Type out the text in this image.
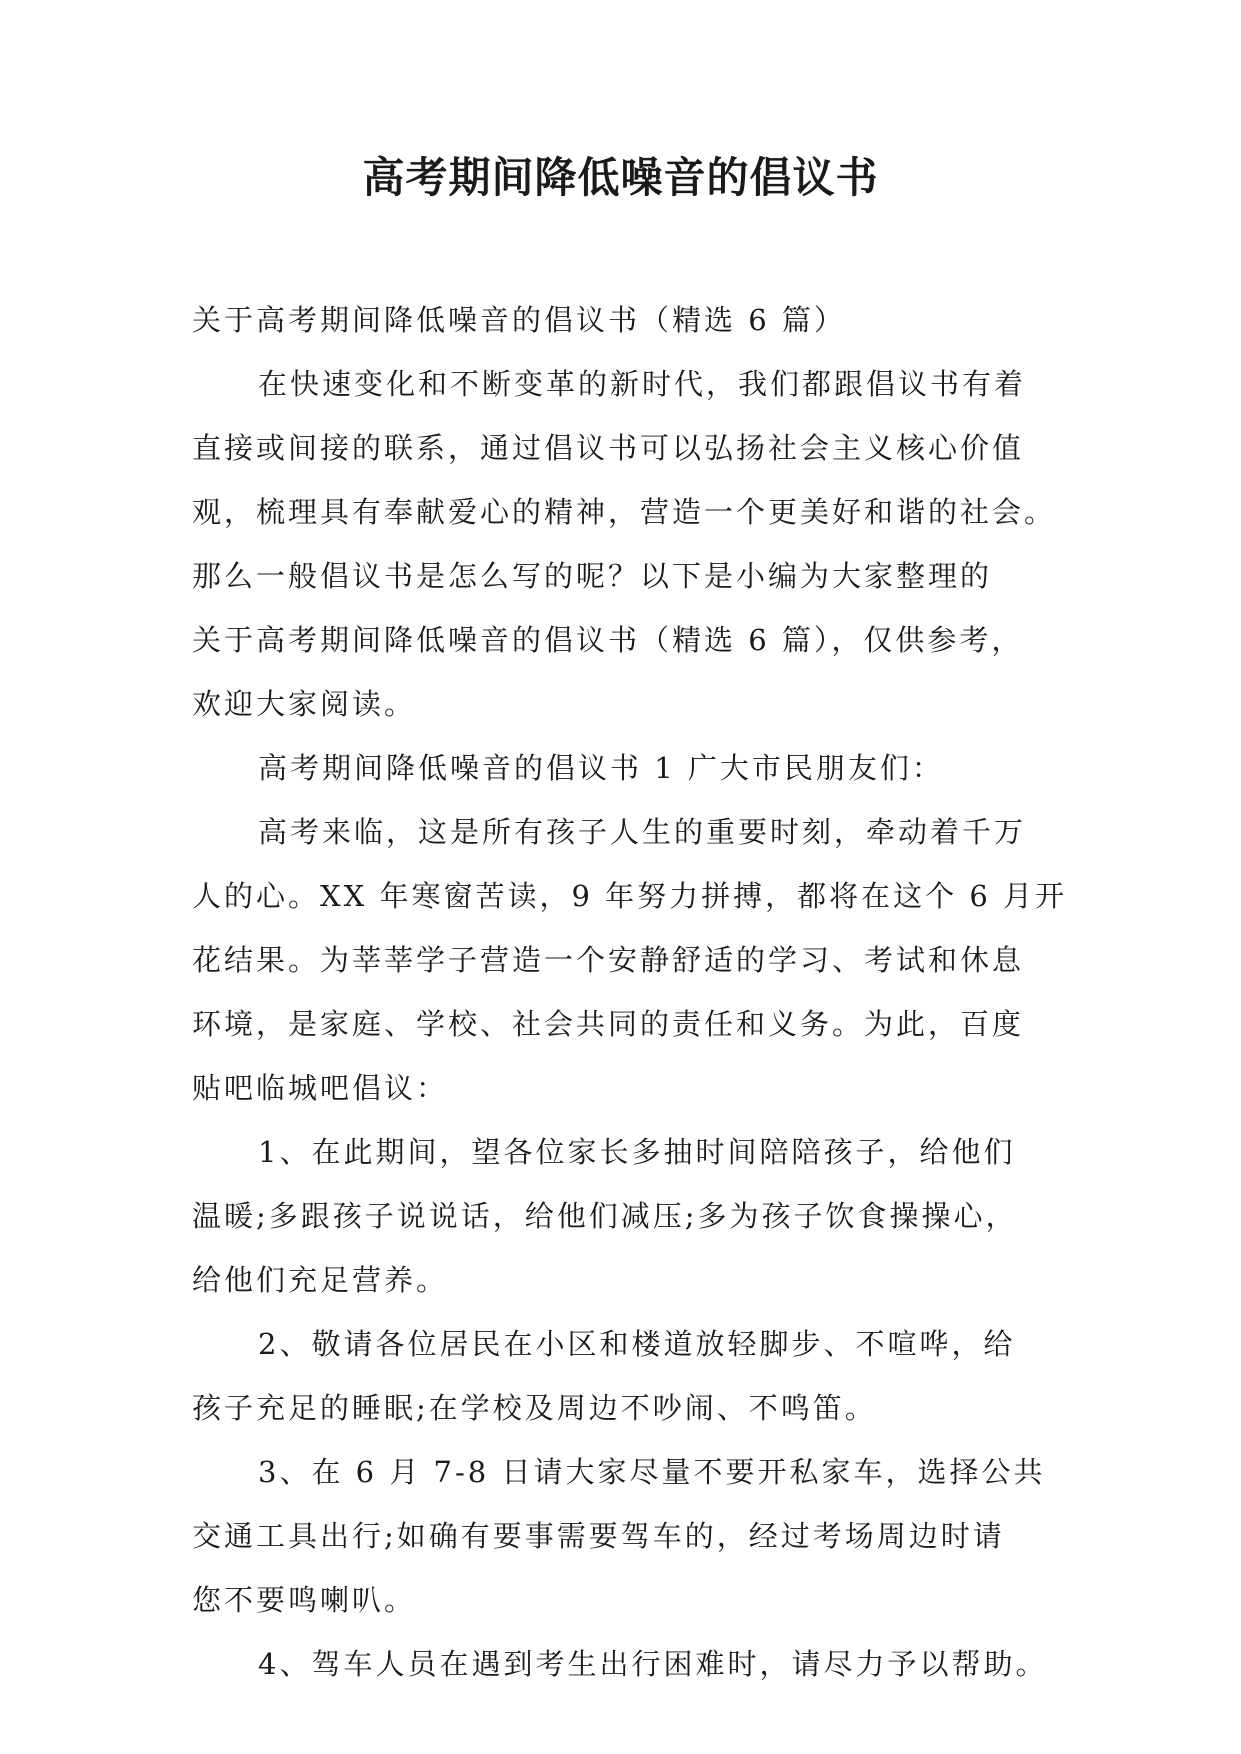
高考期间降低噪音的倡议书
关于高考期间降低噪音的倡议书（精选 6 篇）
在快速变化和不断变革的新时代，我们都跟倡议书有着
直接或间接的联系，通过倡议书可以弘扬社会主义核心价值
观，梳理具有奉献爱心的精神，营造一个更美好和谐的社会。
那么一般倡议书是怎么写的呢？以下是小编为大家整理的
关于高考期间降低噪音的倡议书（精选 6 篇），仅供参考，
欢迎大家阅读。
高考期间降低噪音的倡议书 1 广大市民朋友们：
高考来临，这是所有孩子人生的重要时刻，牵动着千万
人的心。XX 年寒窗苦读，9 年努力拼搏，都将在这个 6 月开
花结果。为莘莘学子营造一个安静舒适的学习、考试和休息
环境，是家庭、学校、社会共同的责任和义务。为此，百度
贴吧临城吧倡议：
1、在此期间，望各位家长多抽时间陪陪孩子，给他们
温暖;多跟孩子说说话，给他们减压;多为孩子饮食操操心，
给他们充足营养。
2、敬请各位居民在小区和楼道放轻脚步、不喧哗，给
孩子充足的睡眠;在学校及周边不吵闹、不鸣笛。
3、在 6 月 7-8 日请大家尽量不要开私家车，选择公共
交通工具出行;如确有要事需要驾车的，经过考场周边时请
您不要鸣喇叭。
4、驾车人员在遇到考生出行困难时，请尽力予以帮助。
